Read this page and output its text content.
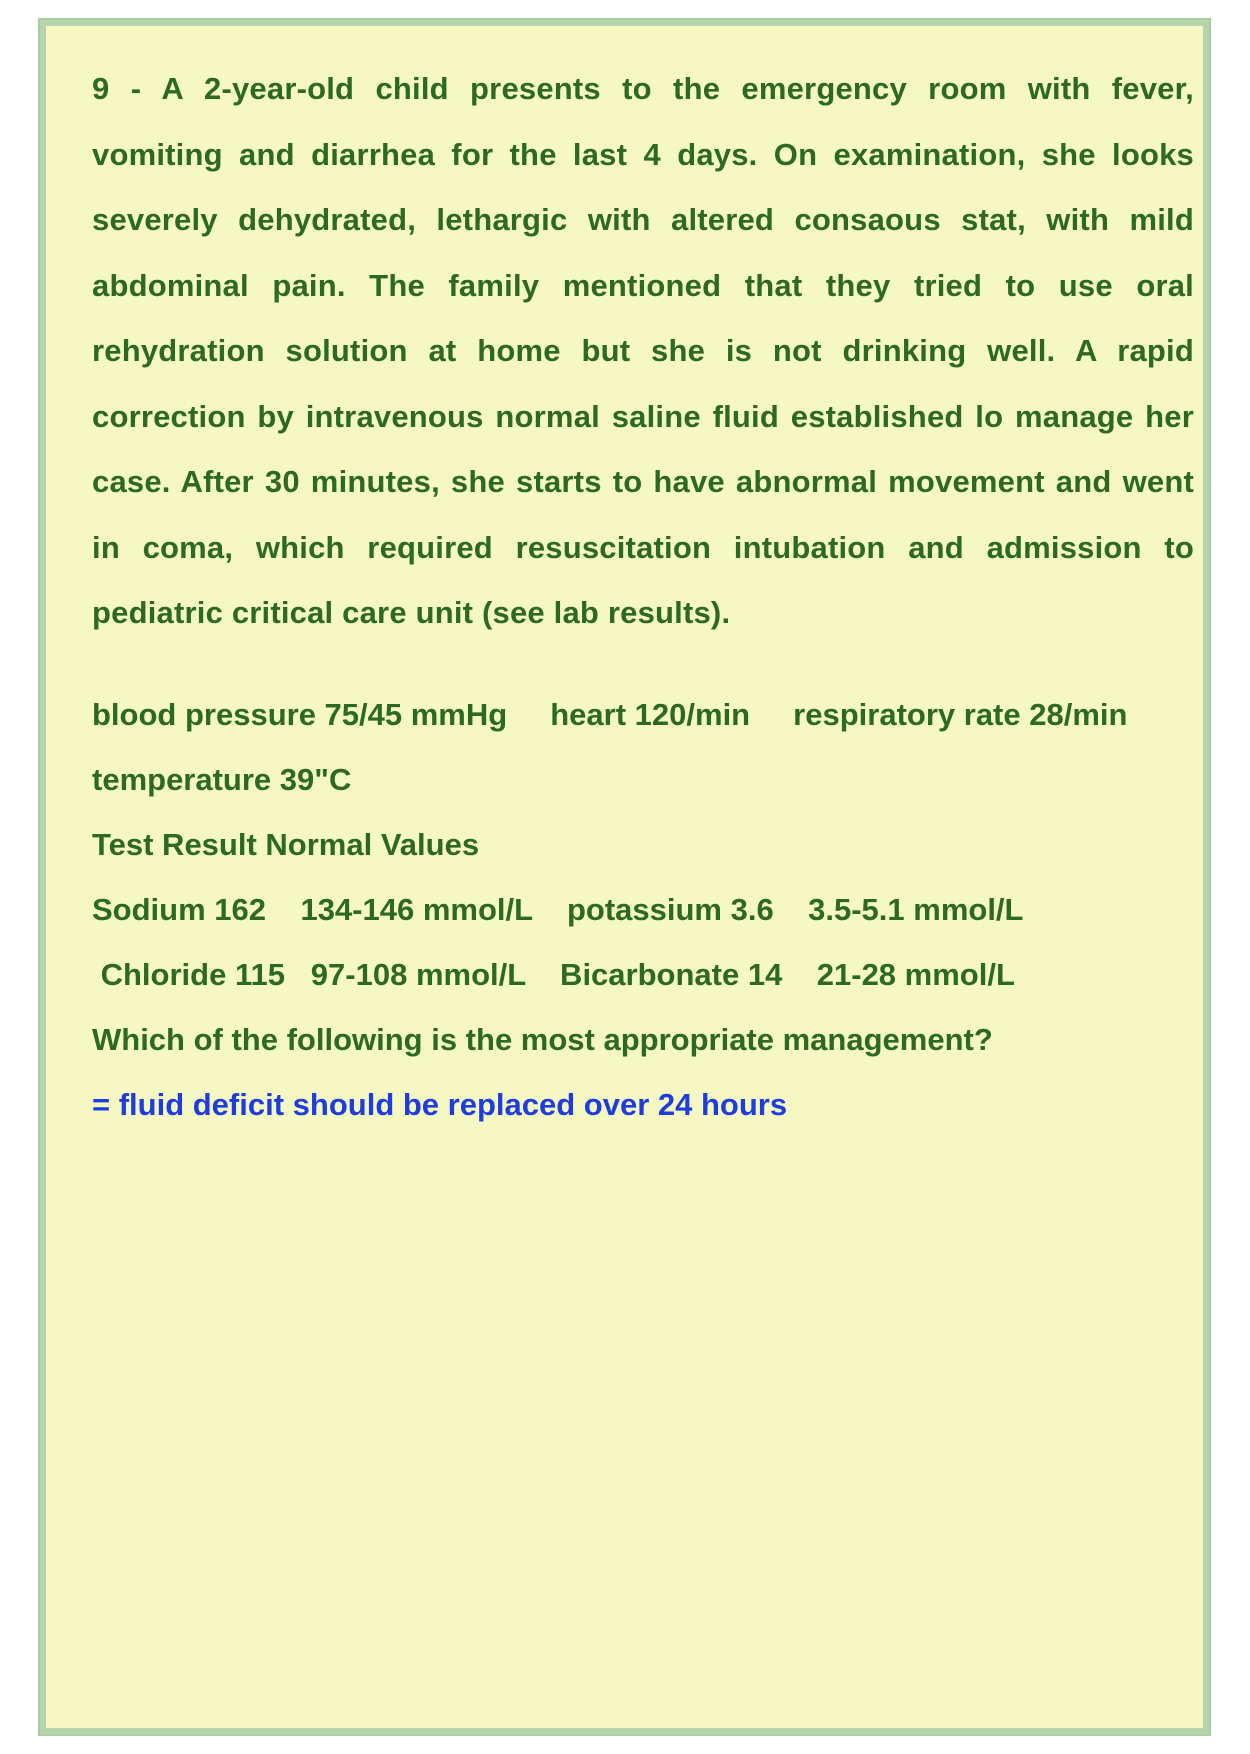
9 - A 2-year-old child presents to the emergency room with fever, vomiting and diarrhea for the last 4 days. On examination, she looks severely dehydrated, lethargic with altered consaous stat, with mild abdominal pain. The family mentioned that they tried to use oral rehydration solution at home but she is not drinking well. A rapid correction by intravenous normal saline fluid established lo manage her case. After 30 minutes, she starts to have abnormal movement and went in coma, which required resuscitation intubation and admission to pediatric critical care unit (see lab results).

blood pressure 75/45 mmHg     heart 120/min     respiratory rate 28/min

temperature 39"C

Test Result Normal Values

Sodium 162    134-146 mmol/L    potassium 3.6    3.5-5.1 mmol/L

Chloride 115   97-108 mmol/L    Bicarbonate 14    21-28 mmol/L

Which of the following is the most appropriate management?

= fluid deficit should be replaced over 24 hours
